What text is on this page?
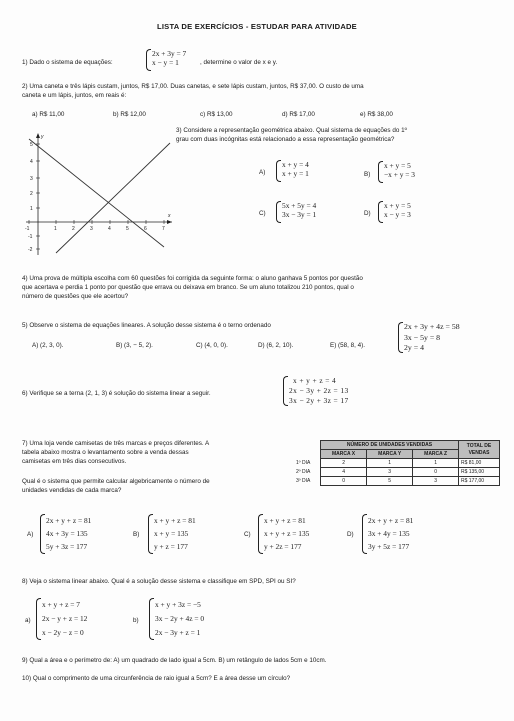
LISTA DE EXERCÍCIOS - ESTUDAR PARA ATIVIDADE
1) Dado o sistema de equações:
2x + 3y = 7
x − y = 1	, determine o valor de x e y.
2) Uma caneta e três lápis custam, juntos, R$ 17,00. Duas canetas, e sete lápis custam, juntos, R$ 37,00. O custo de uma
caneta e um lápis, juntos, em reais é:
a) R$ 11,00	b) R$ 12,00	c) R$ 13,00	d) R$ 17,00	e) R$ 38,00
-1	1	2	3	4	5	6	7
5
4
3
2
1
-1
-2
x
y
3) Considere a representação geométrica abaixo. Qual sistema de equações do 1º
grau com duas incógnitas está relacionado a essa representação geométrica?
A)
x + y = 4
x + y = 1	B)
x + y = 5
−x + y = 3
C)
5x + 5y = 4
3x − 3y = 1	D)
x + y = 5
x − y = 3
4) Uma prova de múltipla escolha com 60 questões foi corrigida da seguinte forma: o aluno ganhava 5 pontos por questão
que acertava e perdia 1 ponto por questão que errava ou deixava em branco. Se um aluno totalizou 210 pontos, qual o
número de questões que ele acertou?
5) Observe o sistema de equações lineares. A solução desse sistema é o terno ordenado	2x + 3y + 4z = 58
3x − 5y = 8
2y = 4
A) (2, 3, 0).	B) (3, − 5, 2).	C) (4, 0, 0).	D) (6, 2, 10).	E) (58, 8, 4).
6) Verifique se a terna (2, 1, 3) é solução do sistema linear a seguir.
x + y + z = 4
2x − 3y + 2z = 13
3x − 2y + 3z = 17
7) Uma loja vende camisetas de três marcas e preços diferentes. A
tabela abaixo mostra o levantamento sobre a venda dessas
camisetas em três dias consecutivos.
Qual é o sistema que permite calcular algebricamente o número de
unidades vendidas de cada marca?
	NÚMERO DE UNIDADES VENDIDAS			TOTAL DE VENDAS
	MARCA X	MARCA Y	MARCA Z	
1º DIA	2	1	1	R$ 81,00
2º DIA	4	3	0	R$ 135,00
3º DIA	0	5	3	R$ 177,00
A)
2x + y + z = 81
4x + 3y = 135
5y + 3z = 177
B)
x + y + z = 81
x + y = 135
y + z = 177
C)
x + y + z = 81
x + y + z = 135
y + 2z = 177
D)
2x + y + z = 81
3x + 4y = 135
3y + 5z = 177
8) Veja o sistema linear abaixo. Qual é a solução desse sistema e classifique em SPD, SPI ou SI?
a)
x + y + z = 7
2x − y + z = 12
x − 2y − z = 0
b)
x + y + 3z = −5
3x − 2y + 4z = 0
2x − 3y + z = 1
9) Qual a área e o perímetro de: A) um quadrado de lado igual a 5cm. B) um retângulo de lados 5cm e 10cm.
10) Qual o comprimento de uma circunferência de raio igual a 5cm? E a área desse um círculo?
